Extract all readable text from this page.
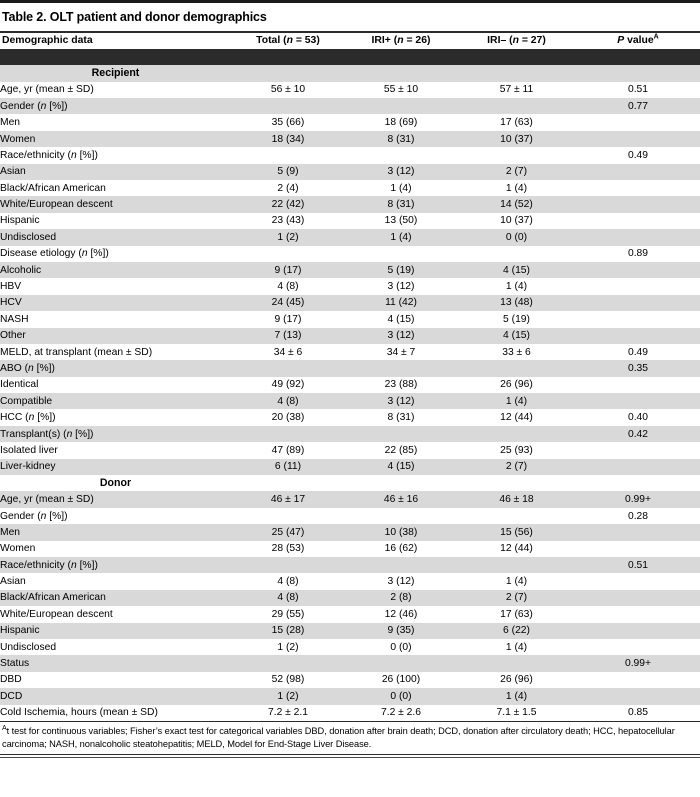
Table 2. OLT patient and donor demographics
Demographic data	Total (n = 53)	IRI+ (n = 26)	IRI– (n = 27)	P value$^A$

Recipient				
Age, yr (mean ± SD)	56 ± 10	55 ± 10	57 ± 11	0.51
Gender (n [%])				0.77
Men	35 (66)	18 (69)	17 (63)	
Women	18 (34)	8 (31)	10 (37)	
Race/ethnicity (n [%])				0.49
Asian	5 (9)	3 (12)	2 (7)	
Black/African American	2 (4)	1 (4)	1 (4)	
White/European descent	22 (42)	8 (31)	14 (52)	
Hispanic	23 (43)	13 (50)	10 (37)	
Undisclosed	1 (2)	1 (4)	0 (0)	
Disease etiology (n [%])				0.89
Alcoholic	9 (17)	5 (19)	4 (15)	
HBV	4 (8)	3 (12)	1 (4)	
HCV	24 (45)	11 (42)	13 (48)	
NASH	9 (17)	4 (15)	5 (19)	
Other	7 (13)	3 (12)	4 (15)	
MELD, at transplant (mean ± SD)	34 ± 6	34 ± 7	33 ± 6	0.49
ABO (n [%])				0.35
Identical	49 (92)	23 (88)	26 (96)	
Compatible	4 (8)	3 (12)	1 (4)	
HCC (n [%])	20 (38)	8 (31)	12 (44)	0.40
Transplant(s) (n [%])				0.42
Isolated liver	47 (89)	22 (85)	25 (93)	
Liver-kidney	6 (11)	4 (15)	2 (7)	
Donor				
Age, yr (mean ± SD)	46 ± 17	46 ± 16	46 ± 18	0.99+
Gender (n [%])				0.28
Men	25 (47)	10 (38)	15 (56)	
Women	28 (53)	16 (62)	12 (44)	
Race/ethnicity (n [%])				0.51
Asian	4 (8)	3 (12)	1 (4)	
Black/African American	4 (8)	2 (8)	2 (7)	
White/European descent	29 (55)	12 (46)	17 (63)	
Hispanic	15 (28)	9 (35)	6 (22)	
Undisclosed	1 (2)	0 (0)	1 (4)	
Status				0.99+
DBD	52 (98)	26 (100)	26 (96)	
DCD	1 (2)	0 (0)	1 (4)	
Cold Ischemia, hours (mean ± SD)	7.2 ± 2.1	7.2 ± 2.6	7.1 ± 1.5	0.85
$^A$t test for continuous variables; Fisher’s exact test for categorical variables DBD, donation after brain death; DCD, donation after circulatory death; HCC, hepatocellular carcinoma; NASH, nonalcoholic steatohepatitis; MELD, Model for End-Stage Liver Disease.
